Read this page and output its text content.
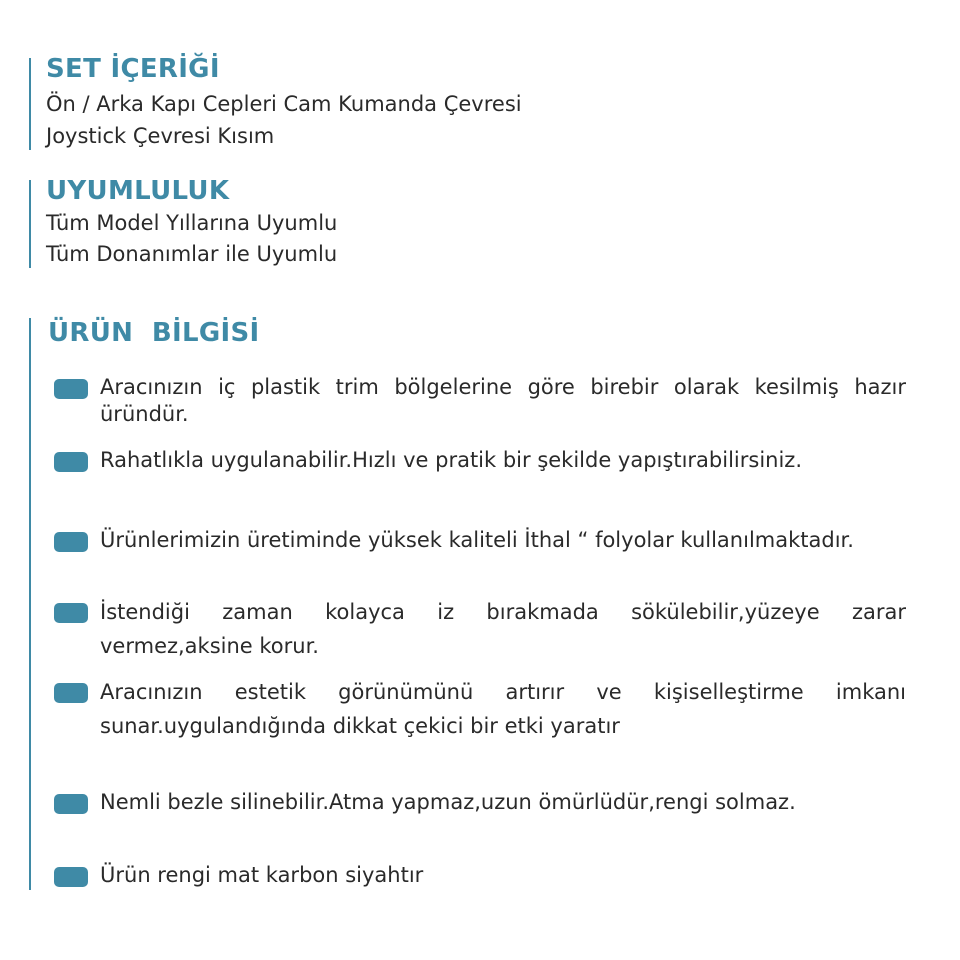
SET İÇERİĞİ

Ön / Arka Kapı Cepleri Cam Kumanda Çevresi

Joystick Çevresi Kısım

UYUMLULUK

Tüm Model Yıllarına Uyumlu

Tüm Donanımlar ile Uyumlu

ÜRÜN  BİLGİSİ

Aracınızın iç plastik trim bölgelerine göre birebir olarak kesilmiş hazır üründür.

Rahatlıkla uygulanabilir.Hızlı ve pratik bir şekilde yapıştırabilirsiniz.

Ürünlerimizin üretiminde yüksek kaliteli İthal “ folyolar kullanılmaktadır.

İstendiği zaman kolayca iz bırakmada sökülebilir,yüzeye zarar vermez,aksine korur.

Aracınızın estetik görünümünü artırır ve kişiselleştirme imkanı sunar.uygulandığında dikkat çekici bir etki yaratır

Nemli bezle silinebilir.Atma yapmaz,uzun ömürlüdür,rengi solmaz.

Ürün rengi mat karbon siyahtır
